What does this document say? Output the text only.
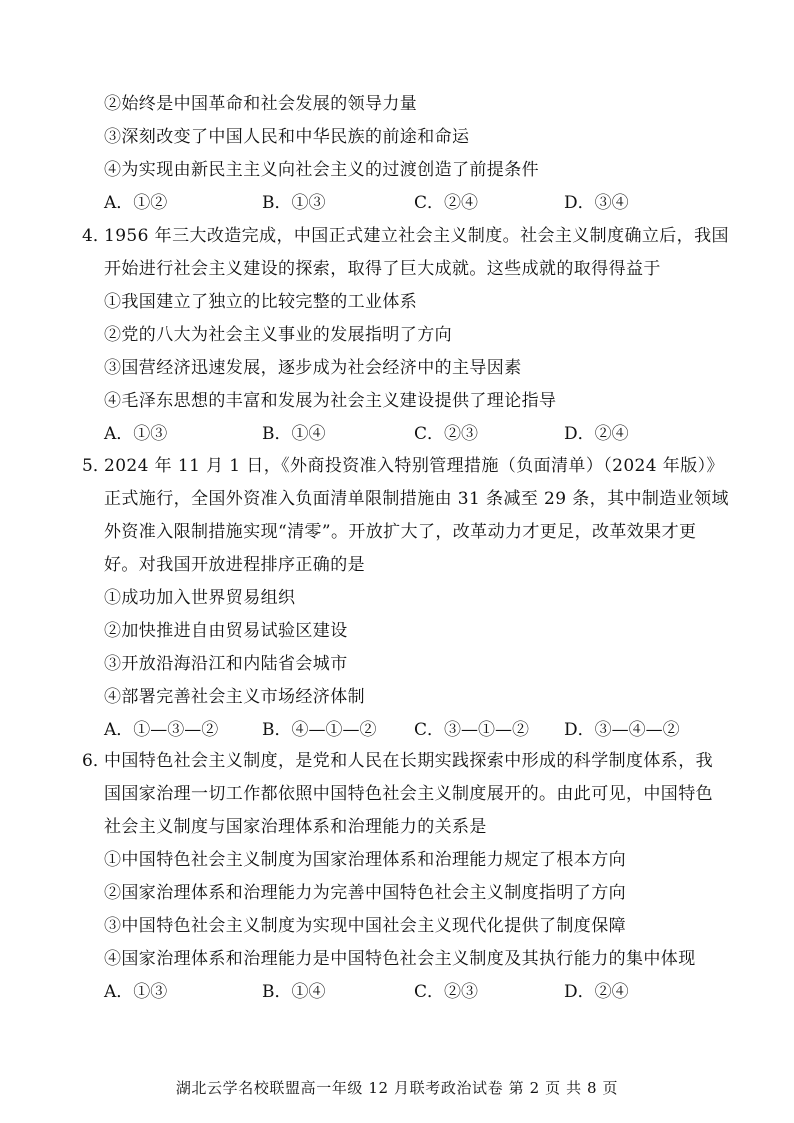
②始终是中国革命和社会发展的领导力量
③深刻改变了中国人民和中华民族的前途和命运
④为实现由新民主主义向社会主义的过渡创造了前提条件
A．①②	B．①③	C．②④	D．③④
4．
1956 年三大改造完成，中国正式建立社会主义制度。社会主义制度确立后，我国
开始进行社会主义建设的探索，取得了巨大成就。这些成就的取得得益于
①我国建立了独立的比较完整的工业体系
②党的八大为社会主义事业的发展指明了方向
③国营经济迅速发展，逐步成为社会经济中的主导因素
④毛泽东思想的丰富和发展为社会主义建设提供了理论指导
A．①③	B．①④	C．②③	D．②④
5．
2024 年 11 月 1 日，《外商投资准入特别管理措施（负面清单）（2024 年版）》
正式施行，全国外资准入负面清单限制措施由 31 条减至 29 条，其中制造业领域
外资准入限制措施实现“清零”。开放扩大了，改革动力才更足，改革效果才更
好。对我国开放进程排序正确的是
①成功加入世界贸易组织
②加快推进自由贸易试验区建设
③开放沿海沿江和内陆省会城市
④部署完善社会主义市场经济体制
A．①—③—②	B．④—①—② C．③—①—② D．③—④—②
6．
中国特色社会主义制度，是党和人民在长期实践探索中形成的科学制度体系，我
国国家治理一切工作都依照中国特色社会主义制度展开的。由此可见，中国特色
社会主义制度与国家治理体系和治理能力的关系是
①中国特色社会主义制度为国家治理体系和治理能力规定了根本方向
②国家治理体系和治理能力为完善中国特色社会主义制度指明了方向
③中国特色社会主义制度为实现中国社会主义现代化提供了制度保障
④国家治理体系和治理能力是中国特色社会主义制度及其执行能力的集中体现
A．①③	B．①④	C．②③	D．②④
湖北云学名校联盟高一年级 12 月联考政治试卷 第 2 页 共 8 页
